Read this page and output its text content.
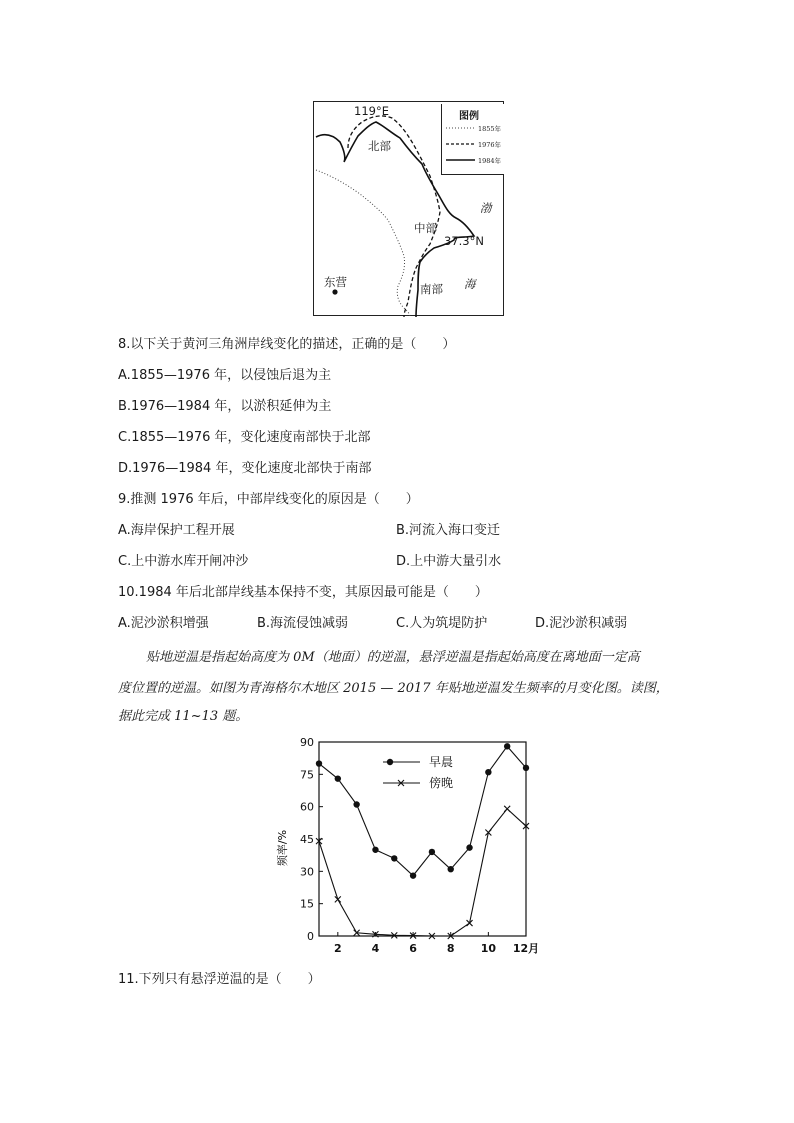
119°E
北部
中部
南部
37.3°N
东营
渤
海
图例
1855年
1976年
1984年
8.以下关于黄河三角洲岸线变化的描述，正确的是（　　）
A.1855—1976 年，以侵蚀后退为主
B.1976—1984 年，以淤积延伸为主
C.1855—1976 年，变化速度南部快于北部
D.1976—1984 年，变化速度北部快于南部
9.推测 1976 年后，中部岸线变化的原因是（　　）
A.海岸保护工程开展	B.河流入海口变迁
C.上中游水库开闸冲沙	D.上中游大量引水
10.1984 年后北部岸线基本保持不变，其原因最可能是（　　）
A.泥沙淤积增强	B.海流侵蚀减弱	C.人为筑堤防护	D.泥沙淤积减弱
贴地逆温是指起始高度为 0M（地面）的逆温，悬浮逆温是指起始高度在离地面一定高
度位置的逆温。如图为青海格尔木地区 2015 — 2017 年贴地逆温发生频率的月变化图。读图，
据此完成 11~13 题。
0
15
30
45
60
75
90
2	4	6	8 10 12月
早晨
傍晚
频率/%
11.下列只有悬浮逆温的是（　　）
